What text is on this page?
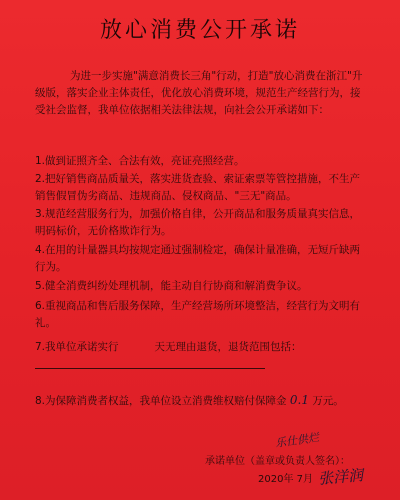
放心消费公开承诺
为进一步实施"满意消费长三角"行动，打造"放心消费在浙江"升级版，落实企业主体责任，优化放心消费环境，规范生产经营行为，接受社会监督，我单位依据相关法律法规，向社会公开承诺如下：
1.做到证照齐全、合法有效，亮证亮照经营。
2.把好销售商品质量关，落实进货查验、索证索票等管控措施，不生产销售假冒伪劣商品、违规商品、侵权商品、"三无"商品。
3.规范经营服务行为，加强价格自律，公开商品和服务质量真实信息，明码标价，无价格欺诈行为。
4.在用的计量器具均按规定通过强制检定，确保计量准确，无短斤缺两行为。
5.健全消费纠纷处理机制，能主动自行协商和解消费争议。
6.重视商品和售后服务保障，生产经营场所环境整洁，经营行为文明有礼。
7.我单位承诺实行	天无理由退货，退货范围包括：
8.为保障消费者权益，我单位设立消费维权赔付保障金 0.1 万元。
乐仕供烂
承诺单位（盖章或负责人签名）：
2020年 7月 张洋润
